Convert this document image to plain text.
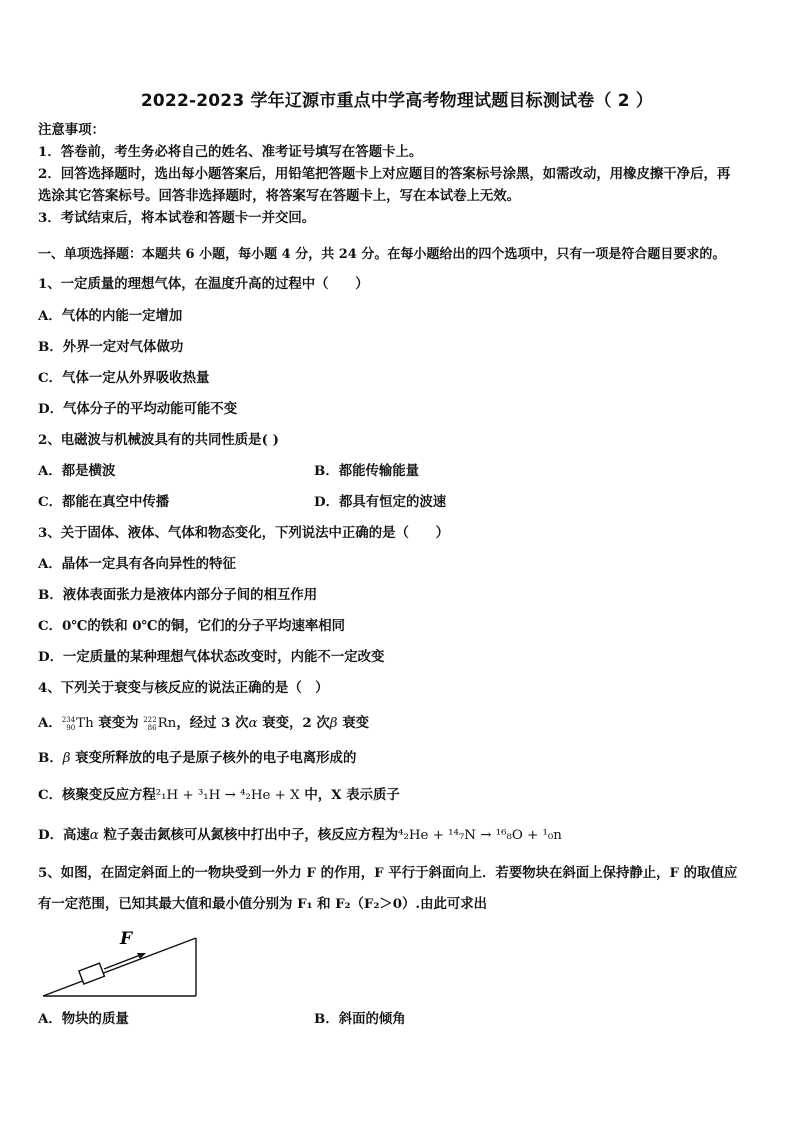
2022-2023 学年辽源市重点中学高考物理试题目标测试卷（ 2 ）
注意事项：
1．答卷前，考生务必将自己的姓名、准考证号填写在答题卡上。
2．回答选择题时，选出每小题答案后，用铅笔把答题卡上对应题目的答案标号涂黑，如需改动，用橡皮擦干净后，再
选涂其它答案标号。回答非选择题时，将答案写在答题卡上，写在本试卷上无效。
3．考试结束后，将本试卷和答题卡一并交回。
一、单项选择题：本题共 6 小题，每小题 4 分，共 24 分。在每小题给出的四个选项中，只有一项是符合题目要求的。
1、一定质量的理想气体，在温度升高的过程中（　　）
A．气体的内能一定增加
B．外界一定对气体做功
C．气体一定从外界吸收热量
D．气体分子的平均动能可能不变
2、电磁波与机械波具有的共同性质是( )
A．都是横波	B．都能传输能量
C．都能在真空中传播	D．都具有恒定的波速
3、关于固体、液体、气体和物态变化，下列说法中正确的是（　　）
A．晶体一定具有各向异性的特征
B．液体表面张力是液体内部分子间的相互作用
C．0℃的铁和 0℃的铜，它们的分子平均速率相同
D．一定质量的某种理想气体状态改变时，内能不一定改变
4、下列关于衰变与核反应的说法正确的是（　）
A． 234
90 Th 衰变为 222
86 Rn，经过 3 次α 衰变，2 次β 衰变
B．β 衰变所释放的电子是原子核外的电子电离形成的
C．核聚变反应方程²₁H + ³₁H → ⁴₂He + X 中，X 表示质子
D．高速α 粒子轰击氮核可从氮核中打出中子，核反应方程为⁴₂He + ¹⁴₇N → ¹⁶₈O + ¹₀n
5、如图，在固定斜面上的一物块受到一外力 F 的作用，F 平行于斜面向上．若要物块在斜面上保持静止，F 的取值应
有一定范围，已知其最大值和最小值分别为 F₁ 和 F₂（F₂＞0）.由此可求出
F
A．物块的质量	B．斜面的倾角
